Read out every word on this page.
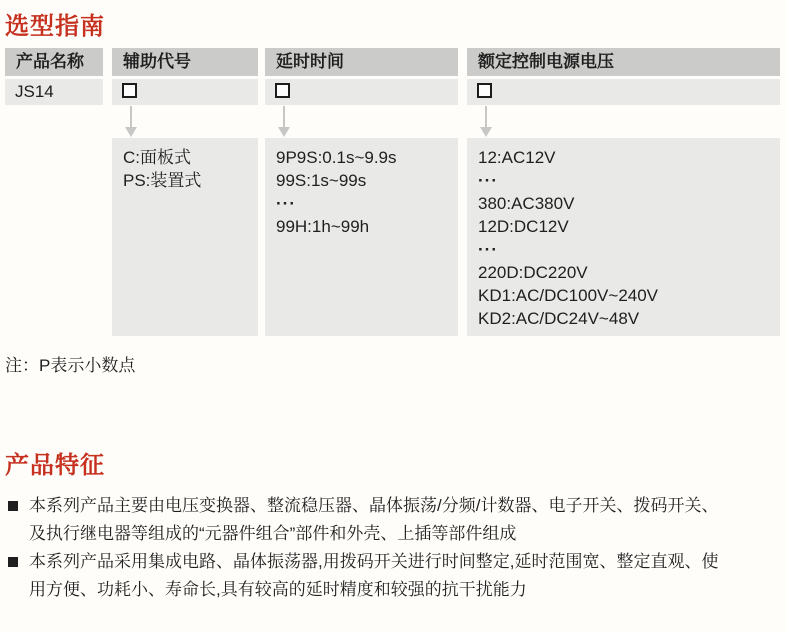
选型指南
产品名称
JS14
辅助代号
C:面板式
PS:装置式
延时时间
9P9S:0.1s~9.9s
99S:1s~99s
···
99H:1h~99h
额定控制电源电压
12:AC12V
···
380:AC380V
12D:DC12V
···
220D:DC220V
KD1:AC/DC100V~240V
KD2:AC/DC24V~48V
注：P表示小数点
产品特征
本系列产品主要由电压变换器、整流稳压器、晶体振荡/分频/计数器、电子开关、拨码开关、
及执行继电器等组成的“元器件组合”部件和外壳、上插等部件组成
本系列产品采用集成电路、晶体振荡器,用拨码开关进行时间整定,延时范围宽、整定直观、使
用方便、功耗小、寿命长,具有较高的延时精度和较强的抗干扰能力
